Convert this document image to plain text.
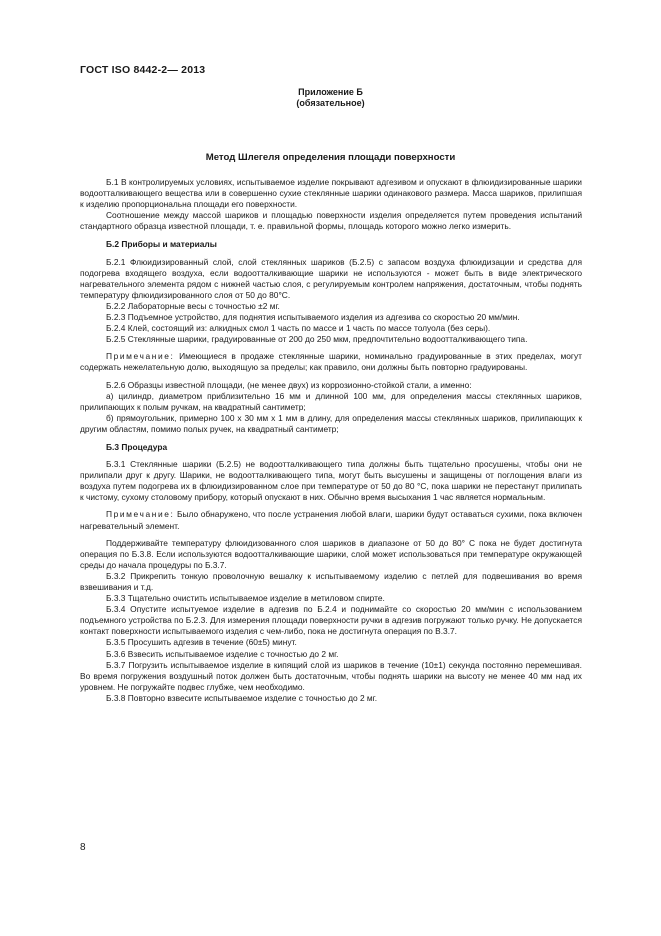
ГОСТ ISO 8442-2— 2013
Приложение Б
(обязательное)
Метод Шлегеля определения площади поверхности

Б.1 В контролируемых условиях, испытываемое изделие покрывают адгезивом и опускают в флюидизированные шарики водоотталкивающего вещества или в совершенно сухие стеклянные шарики одинакового размера. Масса шариков, прилипшая к изделию пропорциональна площади его поверхности.

Соотношение между массой шариков и площадью поверхности изделия определяется путем проведения испытаний стандартного образца известной площади, т. е. правильной формы, площадь которого можно легко измерить.

Б.2 Приборы и материалы

Б.2.1 Флюидизированный слой, слой стеклянных шариков (Б.2.5) с запасом воздуха флюидизации и средства для подогрева входящего воздуха, если водоотталкивающие шарики не используются - может быть в виде электрического нагревательного элемента рядом с нижней частью слоя, с регулируемым контролем напряжения, достаточным, чтобы поднять температуру флюидизированного слоя от 50 до 80°С.

Б.2.2 Лабораторные весы с точностью ±2 мг.

Б.2.3 Подъемное устройство, для поднятия испытываемого изделия из адгезива со скоростью 20 мм/мин.

Б.2.4 Клей, состоящий из: алкидных смол 1 часть по массе и 1 часть по массе толуола (без серы).

Б.2.5 Стеклянные шарики, градуированные от 200 до 250 мкм, предпочтительно водоотталкивающего типа.

Примечание: Имеющиеся в продаже стеклянные шарики, номинально градуированные в этих пределах, могут содержать нежелательную долю, выходящую за пределы; как правило, они должны быть повторно градуированы.

Б.2.6 Образцы известной площади, (не менее двух) из коррозионно-стойкой стали, а именно:

а) цилиндр, диаметром приблизительно 16 мм и длинной 100 мм, для определения массы стеклянных шариков, прилипающих к полым ручкам, на квадратный сантиметр;

б) прямоугольник, примерно 100 x 30 мм x 1 мм в длину, для определения массы стеклянных шариков, прилипающих к другим областям, помимо полых ручек, на квадратный сантиметр;

Б.3 Процедура

Б.3.1 Стеклянные шарики (Б.2.5) не водоотталкивающего типа должны быть тщательно просушены, чтобы они не прилипали друг к другу. Шарики, не водоотталкивающего типа, могут быть высушены и защищены от поглощения влаги из воздуха путем подогрева их в флюидизированном слое при температуре от 50 до 80 °С, пока шарики не перестанут прилипать к чистому, сухому столовому прибору, который опускают в них. Обычно время высыхания 1 час является нормальным.

Примечание: Было обнаружено, что после устранения любой влаги, шарики будут оставаться сухими, пока включен нагревательный элемент.

Поддерживайте температуру флюидизованного слоя шариков в диапазоне от 50 до 80° С пока не будет достигнута операция по Б.3.8. Если используются водоотталкивающие шарики, слой может использоваться при температуре окружающей среды до начала процедуры по Б.3.7.

Б.3.2 Прикрепить тонкую проволочную вешалку к испытываемому изделию с петлей для подвешивания во время взвешивания и т.д.

Б.3.3 Тщательно очистить испытываемое изделие в метиловом спирте.

Б.3.4 Опустите испытуемое изделие в адгезив по Б.2.4 и поднимайте со скоростью 20 мм/мин с использованием подъемного устройства по Б.2.3. Для измерения площади поверхности ручки в адгезив погружают только ручку. Не допускается контакт поверхности испытываемого изделия с чем-либо, пока не достигнута операция по В.3.7.

Б.3.5 Просушить адгезив в течение (60±5) минут.

Б.3.6 Взвесить испытываемое изделие с точностью до 2 мг.

Б.3.7 Погрузить испытываемое изделие в кипящий слой из шариков в течение (10±1) секунда постоянно перемешивая. Во время погружения воздушный поток должен быть достаточным, чтобы поднять шарики на высоту не менее 40 мм над их уровнем. Не погружайте подвес глубже, чем необходимо.

Б.3.8 Повторно взвесите испытываемое изделие с точностью до 2 мг.

8
